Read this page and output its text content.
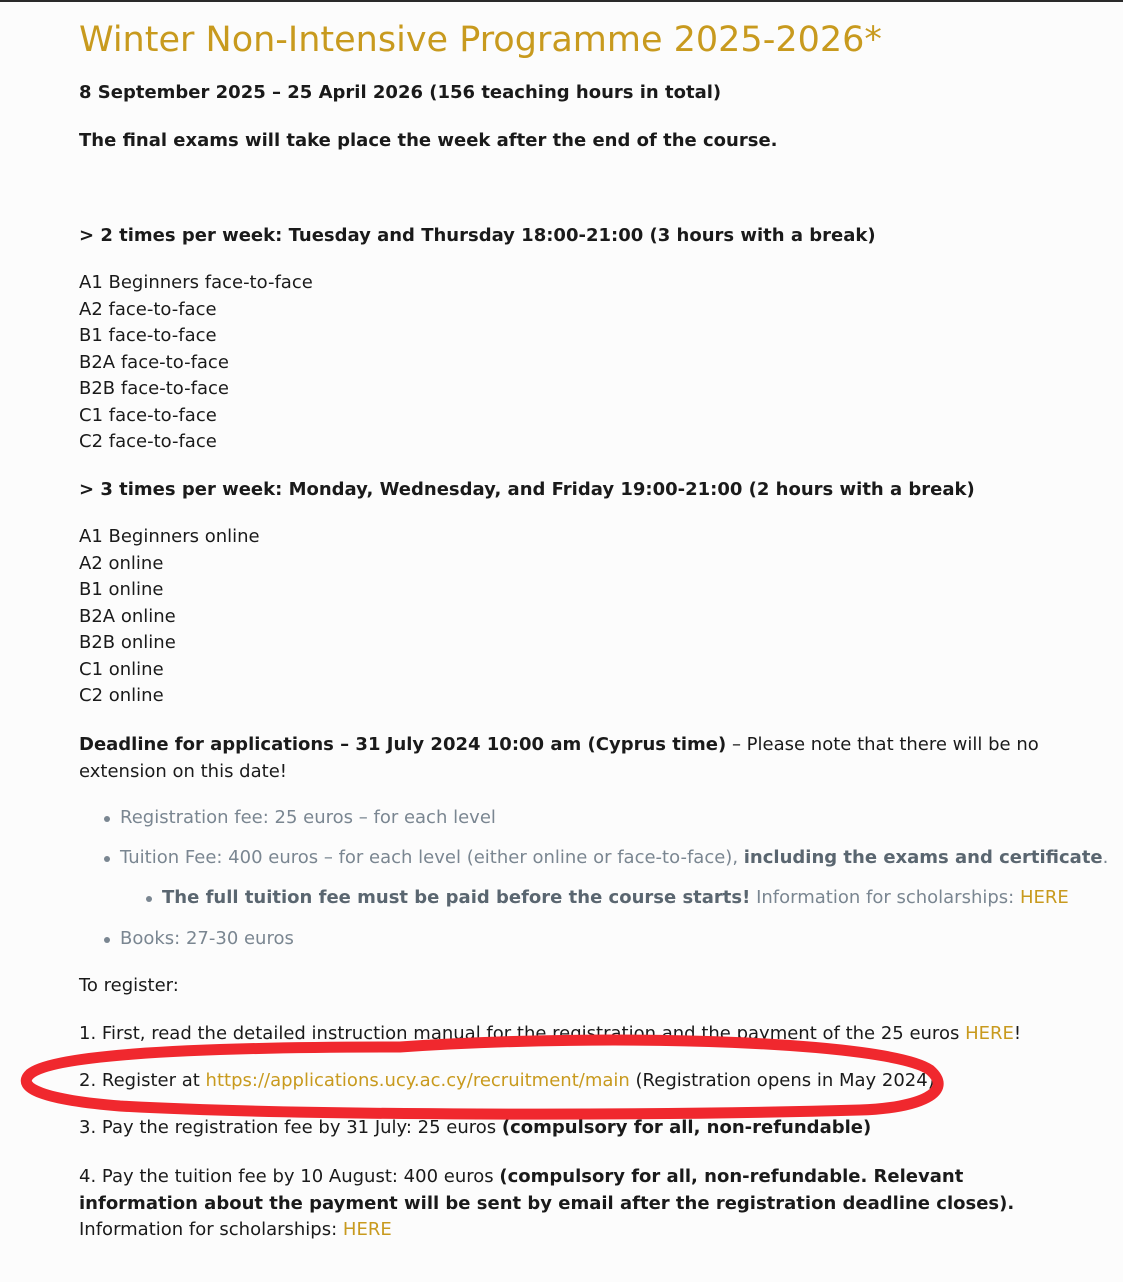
Winter Non-Intensive Programme 2025-2026*
8 September 2025 – 25 April 2026 (156 teaching hours in total)
The final exams will take place the week after the end of the course.
> 2 times per week: Tuesday and Thursday 18:00-21:00 (3 hours with a break)
A1 Beginners face-to-face
A2 face-to-face
B1 face-to-face
B2A face-to-face
B2B face-to-face
C1 face-to-face
C2 face-to-face
> 3 times per week: Monday, Wednesday, and Friday 19:00-21:00 (2 hours with a break)
A1 Beginners online
A2 online
B1 online
B2A online
B2B online
C1 online
C2 online
Deadline for applications – 31 July 2024 10:00 am (Cyprus time) – Please note that there will be no extension on this date!
Registration fee: 25 euros – for each level
Tuition Fee: 400 euros – for each level (either online or face-to-face), including the exams and certificate.
The full tuition fee must be paid before the course starts! Information for scholarships: HERE
Books: 27-30 euros
To register:
1. First, read the detailed instruction manual for the registration and the payment of the 25 euros HERE!
2. Register at https://applications.ucy.ac.cy/recruitment/main (Registration opens in May 2024)
3. Pay the registration fee by 31 July: 25 euros (compulsory for all, non-refundable)
4. Pay the tuition fee by 10 August: 400 euros (compulsory for all, non-refundable. Relevant information about the payment will be sent by email after the registration deadline closes). Information for scholarships: HERE
